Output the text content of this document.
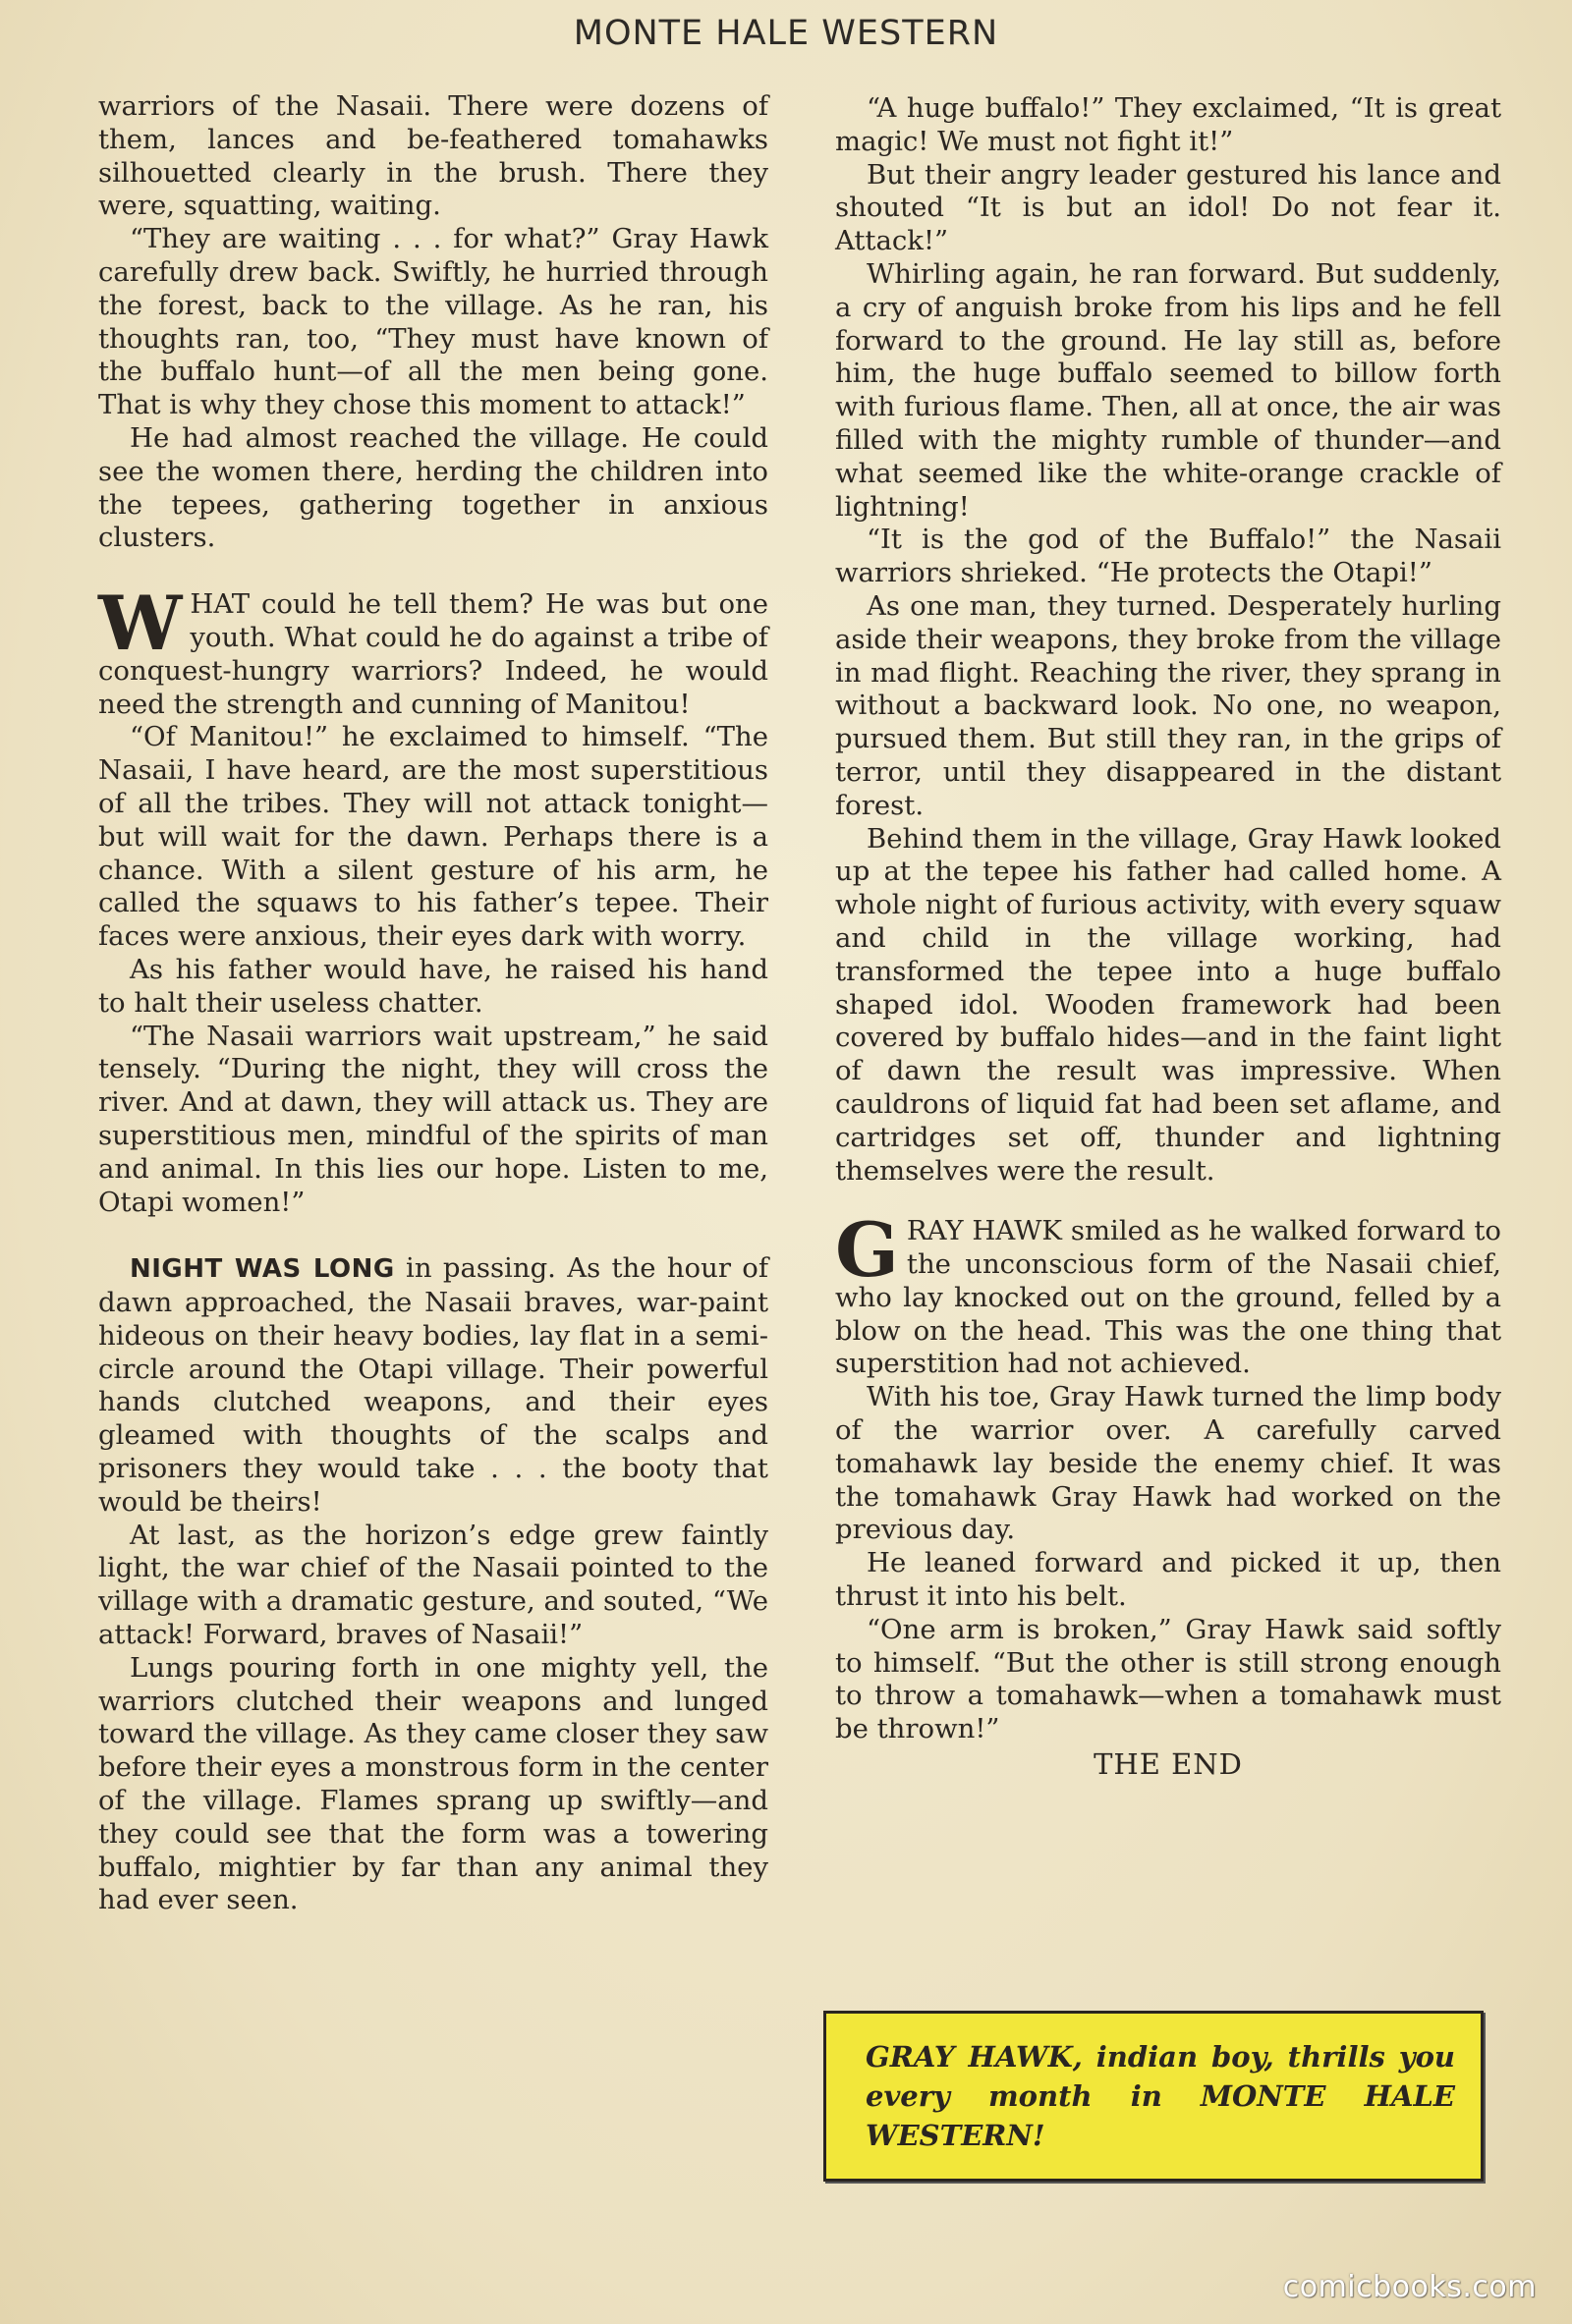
MONTE HALE WESTERN

warriors of the Nasaii. There were dozens of them, lances and be-feathered tomahawks silhouetted clearly in the brush. There they were, squatting, waiting.

“They are waiting . . . for what?” Gray Hawk carefully drew back. Swiftly, he hurried through the forest, back to the village. As he ran, his thoughts ran, too, “They must have known of the buffalo hunt—of all the men being gone. That is why they chose this moment to attack!”

He had almost reached the village. He could see the women there, herding the children into the tepees, gathering together in anxious clusters.

WHAT could he tell them? He was but one youth. What could he do against a tribe of conquest-hungry warriors? Indeed, he would need the strength and cunning of Manitou!

“Of Manitou!” he exclaimed to himself. “The Nasaii, I have heard, are the most superstitious of all the tribes. They will not attack tonight—but will wait for the dawn. Perhaps there is a chance. With a silent gesture of his arm, he called the squaws to his father’s tepee. Their faces were anxious, their eyes dark with worry.

As his father would have, he raised his hand to halt their useless chatter.

“The Nasaii warriors wait upstream,” he said tensely. “During the night, they will cross the river. And at dawn, they will attack us. They are superstitious men, mindful of the spirits of man and animal. In this lies our hope. Listen to me, Otapi women!”

NIGHT WAS LONG in passing. As the hour of dawn approached, the Nasaii braves, war-paint hideous on their heavy bodies, lay flat in a semi-circle around the Otapi village. Their powerful hands clutched weapons, and their eyes gleamed with thoughts of the scalps and prisoners they would take . . . the booty that would be theirs!

At last, as the horizon’s edge grew faintly light, the war chief of the Nasaii pointed to the village with a dramatic gesture, and souted, “We attack! Forward, braves of Nasaii!”

Lungs pouring forth in one mighty yell, the warriors clutched their weapons and lunged toward the village. As they came closer they saw before their eyes a monstrous form in the center of the village. Flames sprang up swiftly—and they could see that the form was a towering buffalo, mightier by far than any animal they had ever seen.

“A huge buffalo!” They exclaimed, “It is great magic! We must not fight it!”

But their angry leader gestured his lance and shouted “It is but an idol! Do not fear it. Attack!”

Whirling again, he ran forward. But suddenly, a cry of anguish broke from his lips and he fell forward to the ground. He lay still as, before him, the huge buffalo seemed to billow forth with furious flame. Then, all at once, the air was filled with the mighty rumble of thunder—and what seemed like the white-orange crackle of lightning!

“It is the god of the Buffalo!” the Nasaii warriors shrieked. “He protects the Otapi!”

As one man, they turned. Desperately hurling aside their weapons, they broke from the village in mad flight. Reaching the river, they sprang in without a backward look. No one, no weapon, pursued them. But still they ran, in the grips of terror, until they disappeared in the distant forest.

Behind them in the village, Gray Hawk looked up at the tepee his father had called home. A whole night of furious activity, with every squaw and child in the village working, had transformed the tepee into a huge buffalo shaped idol. Wooden framework had been covered by buffalo hides—and in the faint light of dawn the result was impressive. When cauldrons of liquid fat had been set aflame, and cartridges set off, thunder and lightning themselves were the result.

GRAY HAWK smiled as he walked forward to the unconscious form of the Nasaii chief, who lay knocked out on the ground, felled by a blow on the head. This was the one thing that superstition had not achieved.

With his toe, Gray Hawk turned the limp body of the warrior over. A carefully carved tomahawk lay beside the enemy chief. It was the tomahawk Gray Hawk had worked on the previous day.

He leaned forward and picked it up, then thrust it into his belt.

“One arm is broken,” Gray Hawk said softly to himself. “But the other is still strong enough to throw a tomahawk—when a tomahawk must be thrown!”

THE END
GRAY HAWK, indian boy, thrills you every month in MONTE HALE WESTERN!
comicbooks.com
